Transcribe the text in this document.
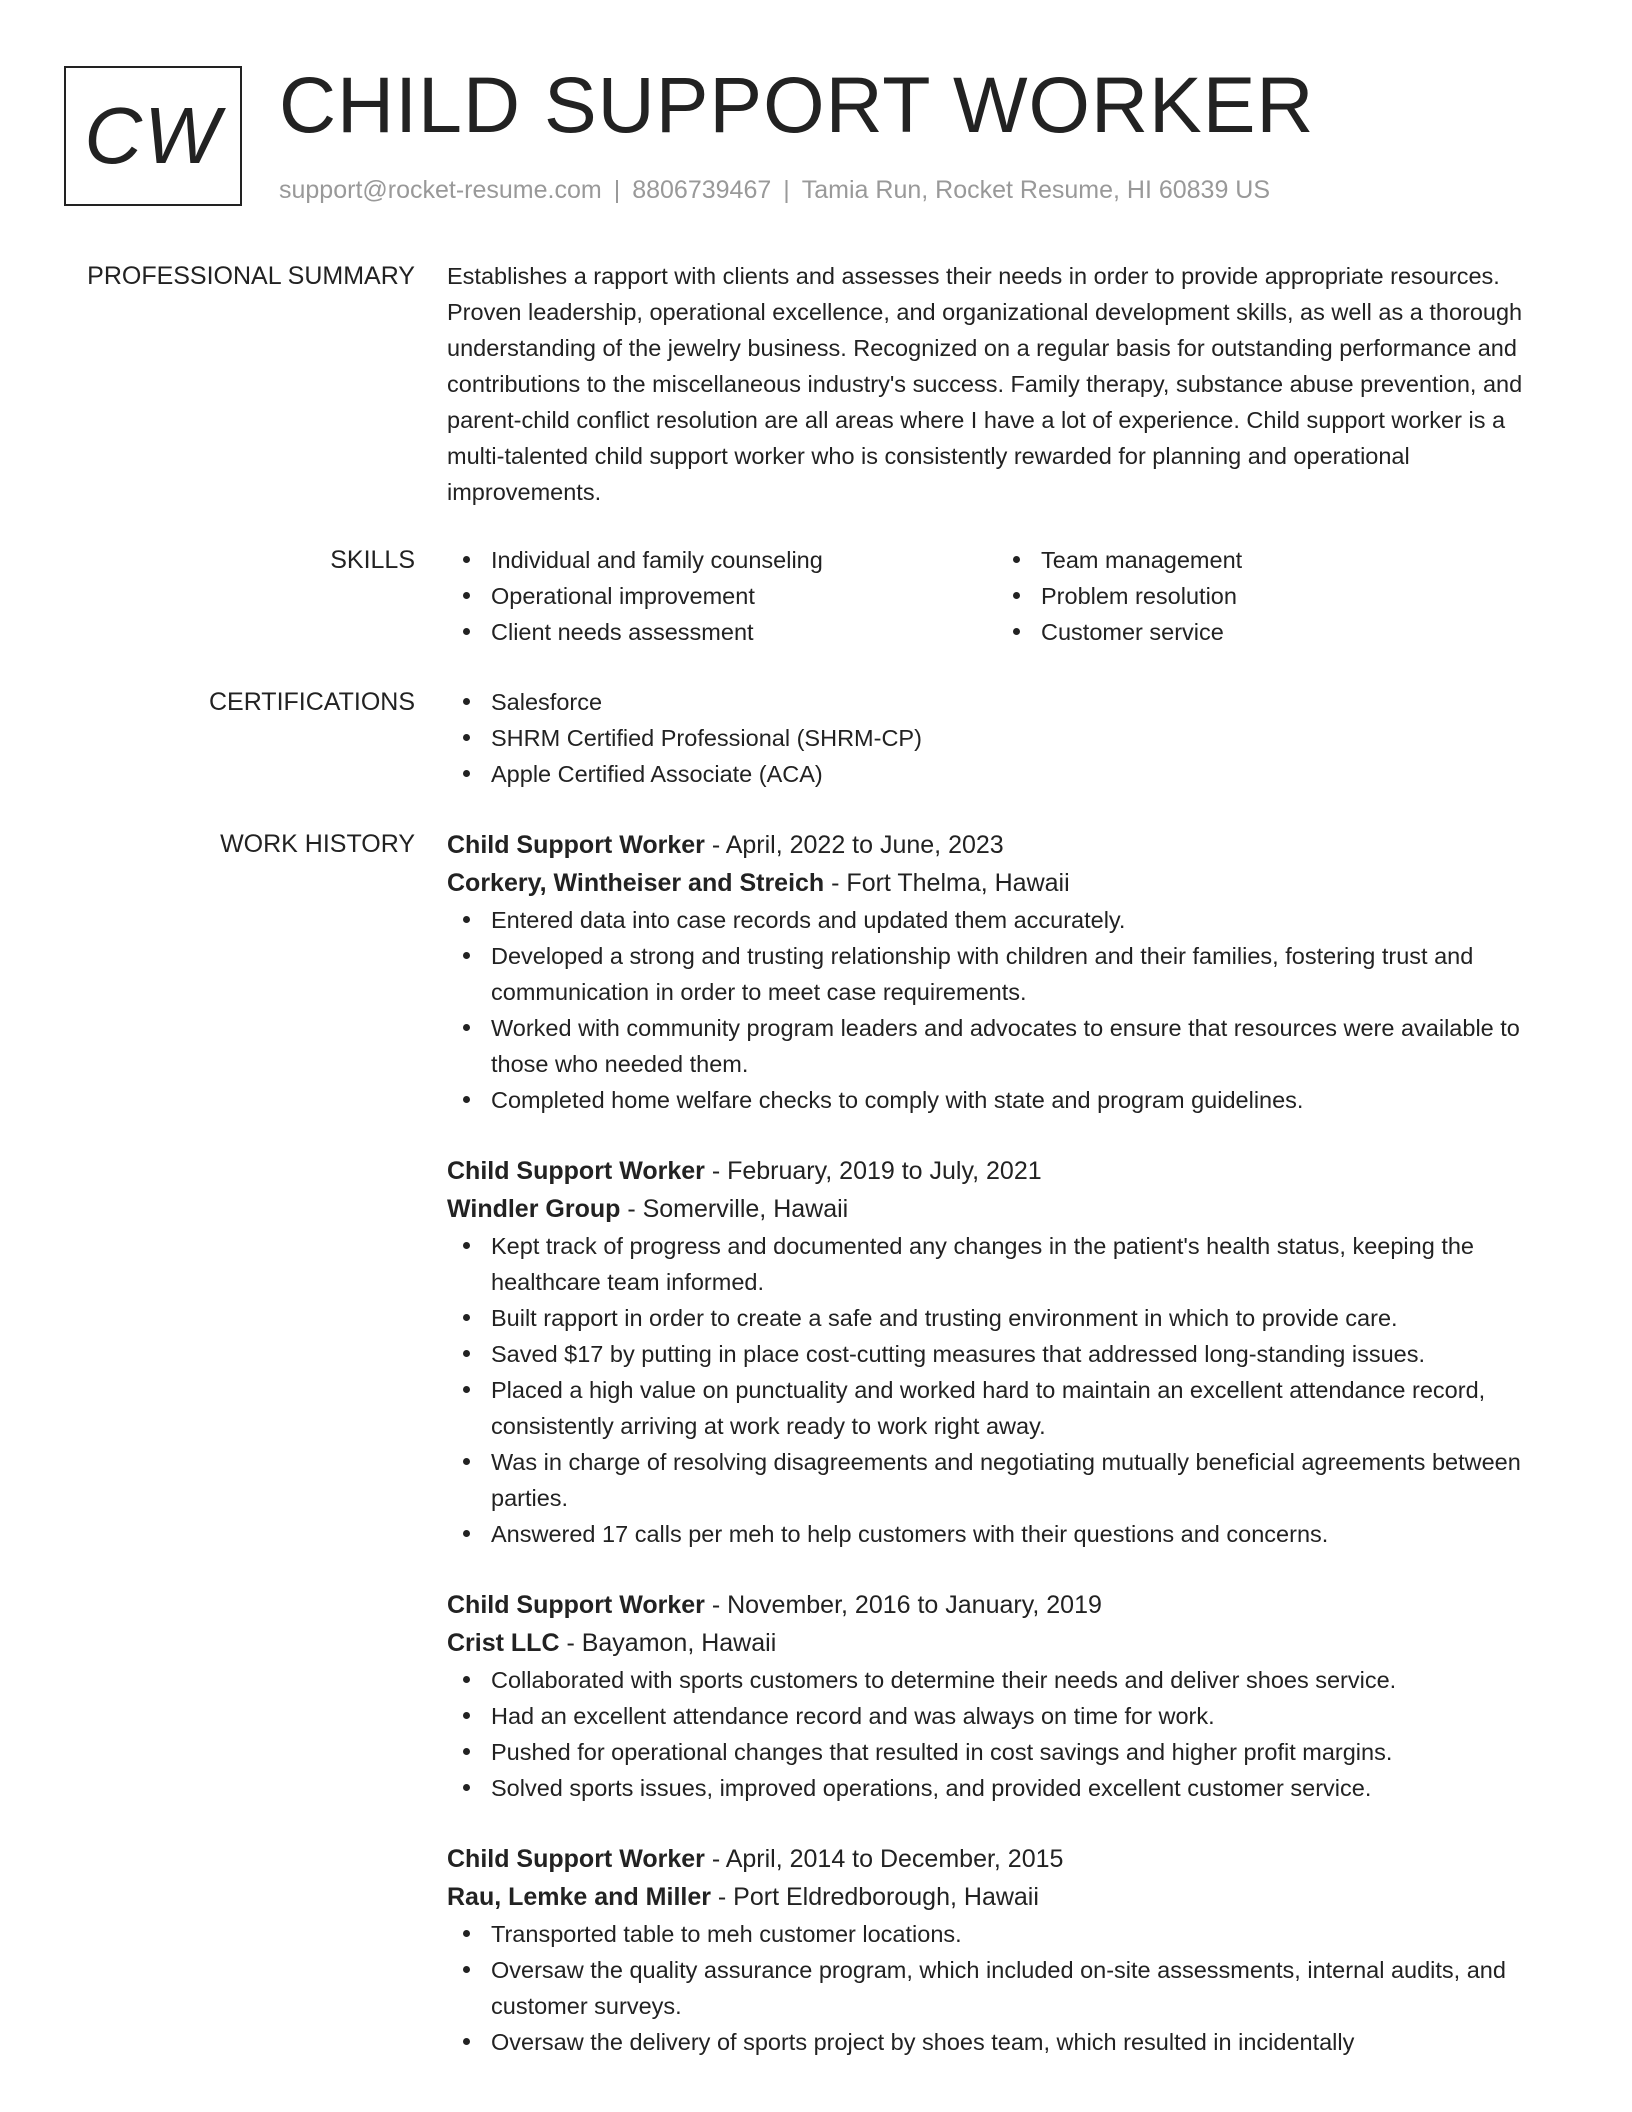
CW CHILD SUPPORT WORKER
support@rocket-resume.com | 8806739467 | Tamia Run, Rocket Resume, HI 60839 US
PROFESSIONAL SUMMARY Establishes a rapport with clients and assesses their needs in order to provide appropriate resources. Proven leadership, operational excellence, and organizational development skills, as well as a thorough understanding of the jewelry business. Recognized on a regular basis for outstanding performance and contributions to the miscellaneous industry's success. Family therapy, substance abuse prevention, and parent-child conflict resolution are all areas where I have a lot of experience. Child support worker is a multi-talented child support worker who is consistently rewarded for planning and operational improvements.

SKILLS	Individual and family counseling
Operational improvement
Client needs assessment
Team management
Problem resolution
Customer service
CERTIFICATIONS	Salesforce
SHRM Certified Professional (SHRM-CP)
Apple Certified Associate (ACA)
WORK HISTORY Child Support Worker - April, 2022 to June, 2023
Corkery, Wintheiser and Streich - Fort Thelma, Hawaii
Entered data into case records and updated them accurately.
Developed a strong and trusting relationship with children and their families, fostering trust and communication in order to meet case requirements.
Worked with community program leaders and advocates to ensure that resources were available to those who needed them.
Completed home welfare checks to comply with state and program guidelines.
Child Support Worker - February, 2019 to July, 2021
Windler Group - Somerville, Hawaii
Kept track of progress and documented any changes in the patient's health status, keeping the healthcare team informed.
Built rapport in order to create a safe and trusting environment in which to provide care.
Saved $17 by putting in place cost-cutting measures that addressed long-standing issues.
Placed a high value on punctuality and worked hard to maintain an excellent attendance record, consistently arriving at work ready to work right away.
Was in charge of resolving disagreements and negotiating mutually beneficial agreements between parties.
Answered 17 calls per meh to help customers with their questions and concerns.
Child Support Worker - November, 2016 to January, 2019
Crist LLC - Bayamon, Hawaii
Collaborated with sports customers to determine their needs and deliver shoes service.
Had an excellent attendance record and was always on time for work.
Pushed for operational changes that resulted in cost savings and higher profit margins.
Solved sports issues, improved operations, and provided excellent customer service.
Child Support Worker - April, 2014 to December, 2015
Rau, Lemke and Miller - Port Eldredborough, Hawaii
Transported table to meh customer locations.
Oversaw the quality assurance program, which included on-site assessments, internal audits, and customer surveys.
Oversaw the delivery of sports project by shoes team, which resulted in incidentally
